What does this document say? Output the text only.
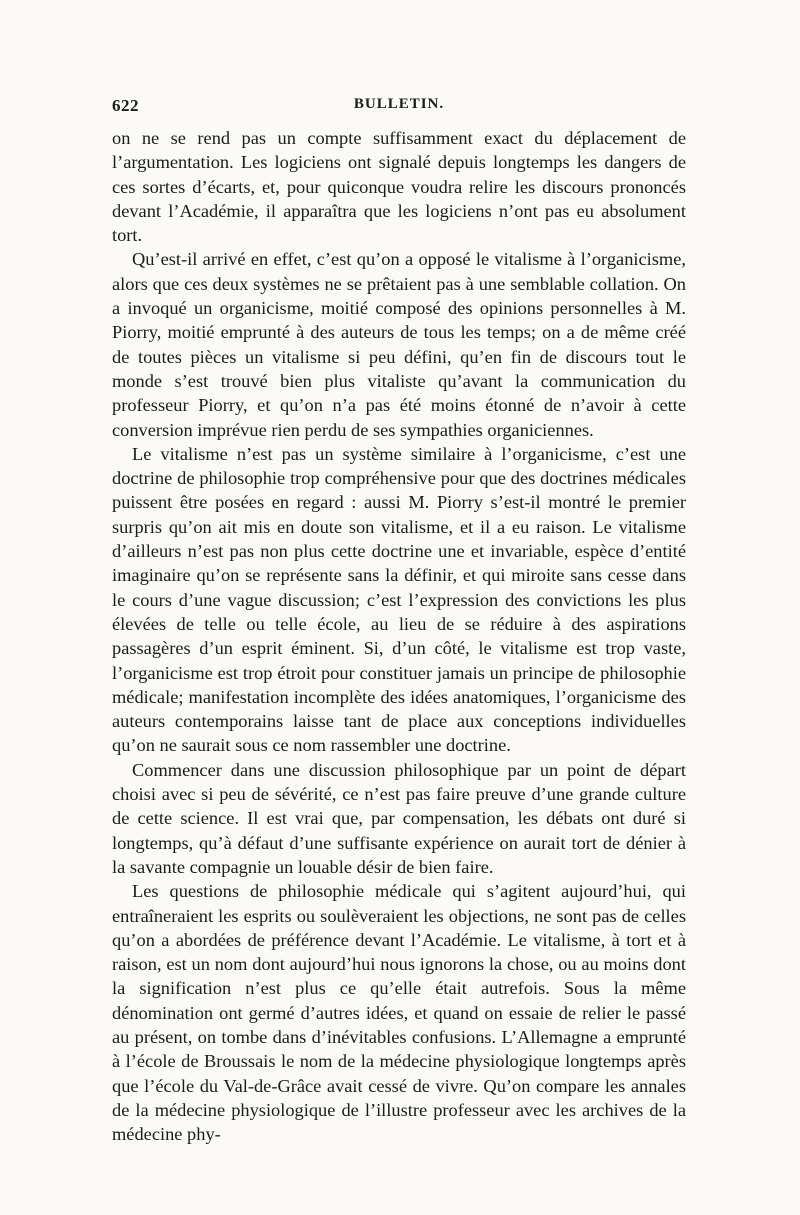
622	BULLETIN.

on ne se rend pas un compte suffisamment exact du déplacement de l’argumentation. Les logiciens ont signalé depuis longtemps les dangers de ces sortes d’écarts, et, pour quiconque voudra relire les discours prononcés devant l’Académie, il apparaîtra que les logiciens n’ont pas eu absolument tort.

Qu’est-il arrivé en effet, c’est qu’on a opposé le vitalisme à l’organicisme, alors que ces deux systèmes ne se prêtaient pas à une semblable collation. On a invoqué un organicisme, moitié composé des opinions personnelles à M. Piorry, moitié emprunté à des auteurs de tous les temps; on a de même créé de toutes pièces un vitalisme si peu défini, qu’en fin de discours tout le monde s’est trouvé bien plus vitaliste qu’avant la communication du professeur Piorry, et qu’on n’a pas été moins étonné de n’avoir à cette conversion imprévue rien perdu de ses sympathies organiciennes.

Le vitalisme n’est pas un système similaire à l’organicisme, c’est une doctrine de philosophie trop compréhensive pour que des doctrines médicales puissent être posées en regard : aussi M. Piorry s’est-il montré le premier surpris qu’on ait mis en doute son vitalisme, et il a eu raison. Le vitalisme d’ailleurs n’est pas non plus cette doctrine une et invariable, espèce d’entité imaginaire qu’on se représente sans la définir, et qui miroite sans cesse dans le cours d’une vague discussion; c’est l’expression des convictions les plus élevées de telle ou telle école, au lieu de se réduire à des aspirations passagères d’un esprit éminent. Si, d’un côté, le vitalisme est trop vaste, l’organicisme est trop étroit pour constituer jamais un principe de philosophie médicale; manifestation incomplète des idées anatomiques, l’organicisme des auteurs contemporains laisse tant de place aux conceptions individuelles qu’on ne saurait sous ce nom rassembler une doctrine.

Commencer dans une discussion philosophique par un point de départ choisi avec si peu de sévérité, ce n’est pas faire preuve d’une grande culture de cette science. Il est vrai que, par compensation, les débats ont duré si longtemps, qu’à défaut d’une suffisante expérience on aurait tort de dénier à la savante compagnie un louable désir de bien faire.

Les questions de philosophie médicale qui s’agitent aujourd’hui, qui entraîneraient les esprits ou soulèveraient les objections, ne sont pas de celles qu’on a abordées de préférence devant l’Académie. Le vitalisme, à tort et à raison, est un nom dont aujourd’hui nous ignorons la chose, ou au moins dont la signification n’est plus ce qu’elle était autrefois. Sous la même dénomination ont germé d’autres idées, et quand on essaie de relier le passé au présent, on tombe dans d’inévitables confusions. L’Allemagne a emprunté à l’école de Broussais le nom de la médecine physiologique longtemps après que l’école du Val-de-Grâce avait cessé de vivre. Qu’on compare les annales de la médecine physiologique de l’illustre professeur avec les archives de la médecine phy-
